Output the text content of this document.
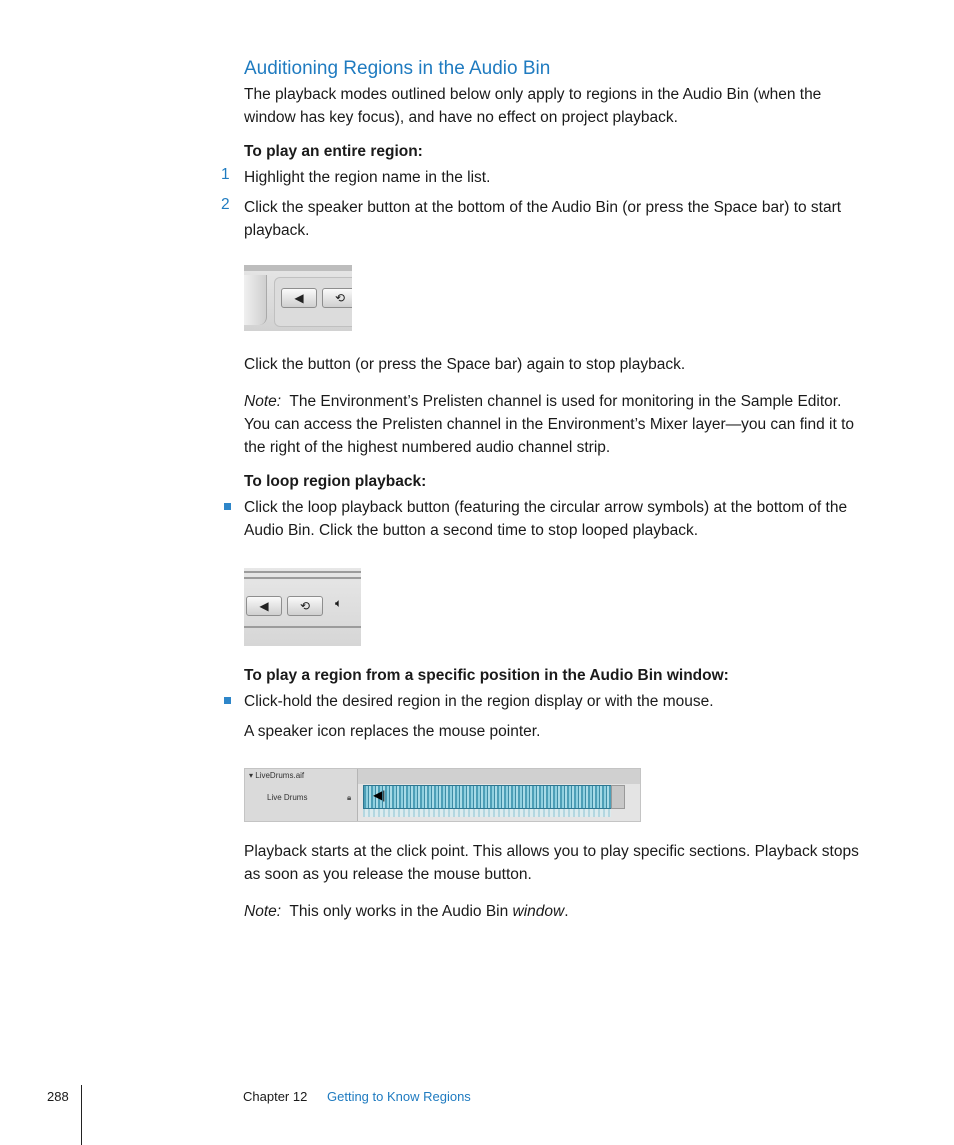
Auditioning Regions in the Audio Bin
The playback modes outlined below only apply to regions in the Audio Bin (when the window has key focus), and have no effect on project playback.
To play an entire region:
1 Highlight the region name in the list.
2 Click the speaker button at the bottom of the Audio Bin (or press the Space bar) to start playback.
◀	⟲
Click the button (or press the Space bar) again to stop playback.
Note: The Environment’s Prelisten channel is used for monitoring in the Sample Editor. You can access the Prelisten channel in the Environment’s Mixer layer—you can find it to the right of the highest numbered audio channel strip.
To loop region playback:
Click the loop playback button (featuring the circular arrow symbols) at the bottom of the Audio Bin. Click the button a second time to stop looped playback.
◀	⟲	🔈︎
To play a region from a specific position in the Audio Bin window:
Click-hold the desired region in the region display or with the mouse.
A speaker icon replaces the mouse pointer.
▾ LiveDrums.aif
Live Drums	🔒︎ ◀|
Playback starts at the click point. This allows you to play specific sections. Playback stops as soon as you release the mouse button.
Note: This only works in the Audio Bin window.
288	Chapter 12 Getting to Know Regions
